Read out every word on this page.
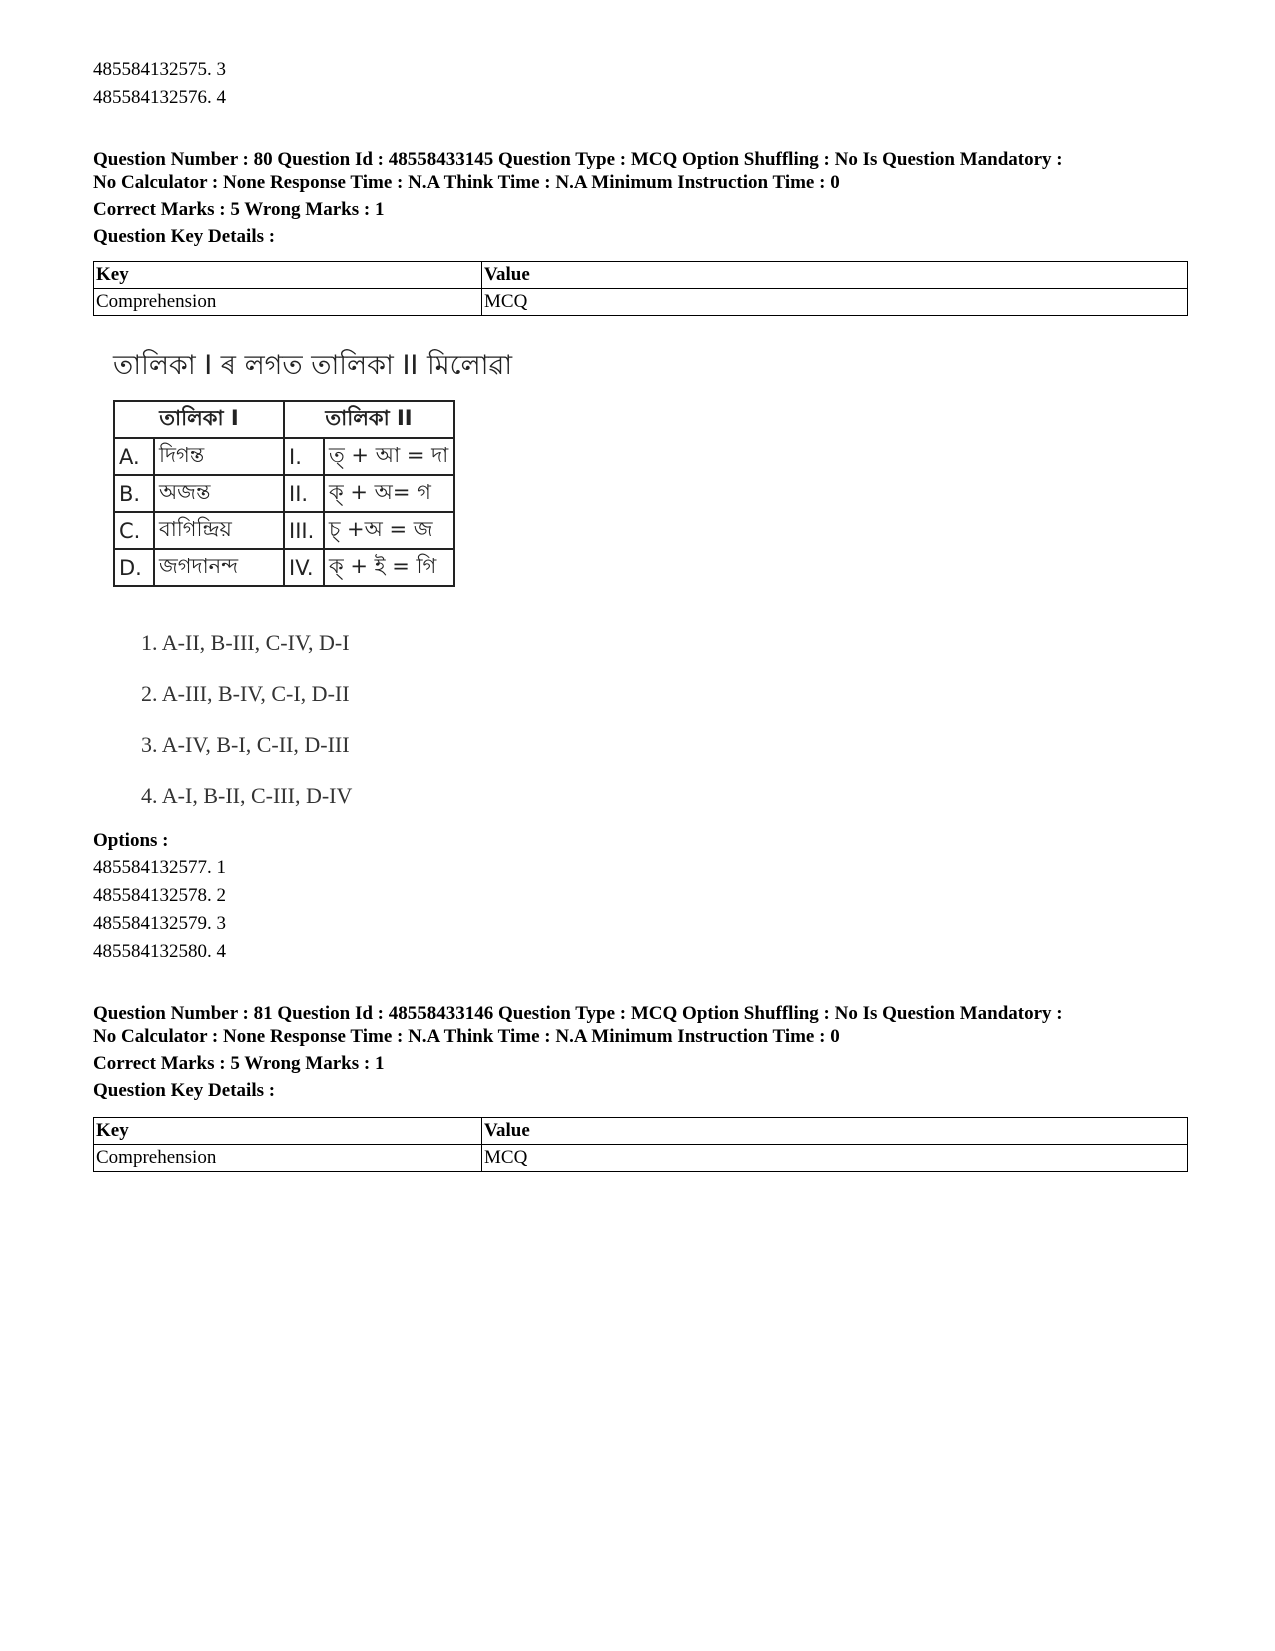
485584132575. 3
485584132576. 4
Question Number : 80 Question Id : 48558433145 Question Type : MCQ Option Shuffling : No Is Question Mandatory :
No Calculator : None Response Time : N.A Think Time : N.A Minimum Instruction Time : 0
Correct Marks : 5 Wrong Marks : 1
Question Key Details :
Key	Value
Comprehension	MCQ
তালিকা I ৰ লগত তালিকা II মিলোৱা
তালিকা I		তালিকা II	
A.	দিগন্ত	I.	ত্ + আ = দা
B.	অজন্ত	II.	ক্ + অ= গ
C.	বাগিন্দ্রিয়	III.	চ্ +অ = জ
D.	জগদানন্দ	IV.	ক্ + ই = গি
1. A-II, B-III, C-IV, D-I
2. A-III, B-IV, C-I, D-II
3. A-IV, B-I, C-II, D-III
4. A-I, B-II, C-III, D-IV
Options :
485584132577. 1
485584132578. 2
485584132579. 3
485584132580. 4
Question Number : 81 Question Id : 48558433146 Question Type : MCQ Option Shuffling : No Is Question Mandatory :
No Calculator : None Response Time : N.A Think Time : N.A Minimum Instruction Time : 0
Correct Marks : 5 Wrong Marks : 1
Question Key Details :
Key	Value
Comprehension	MCQ
